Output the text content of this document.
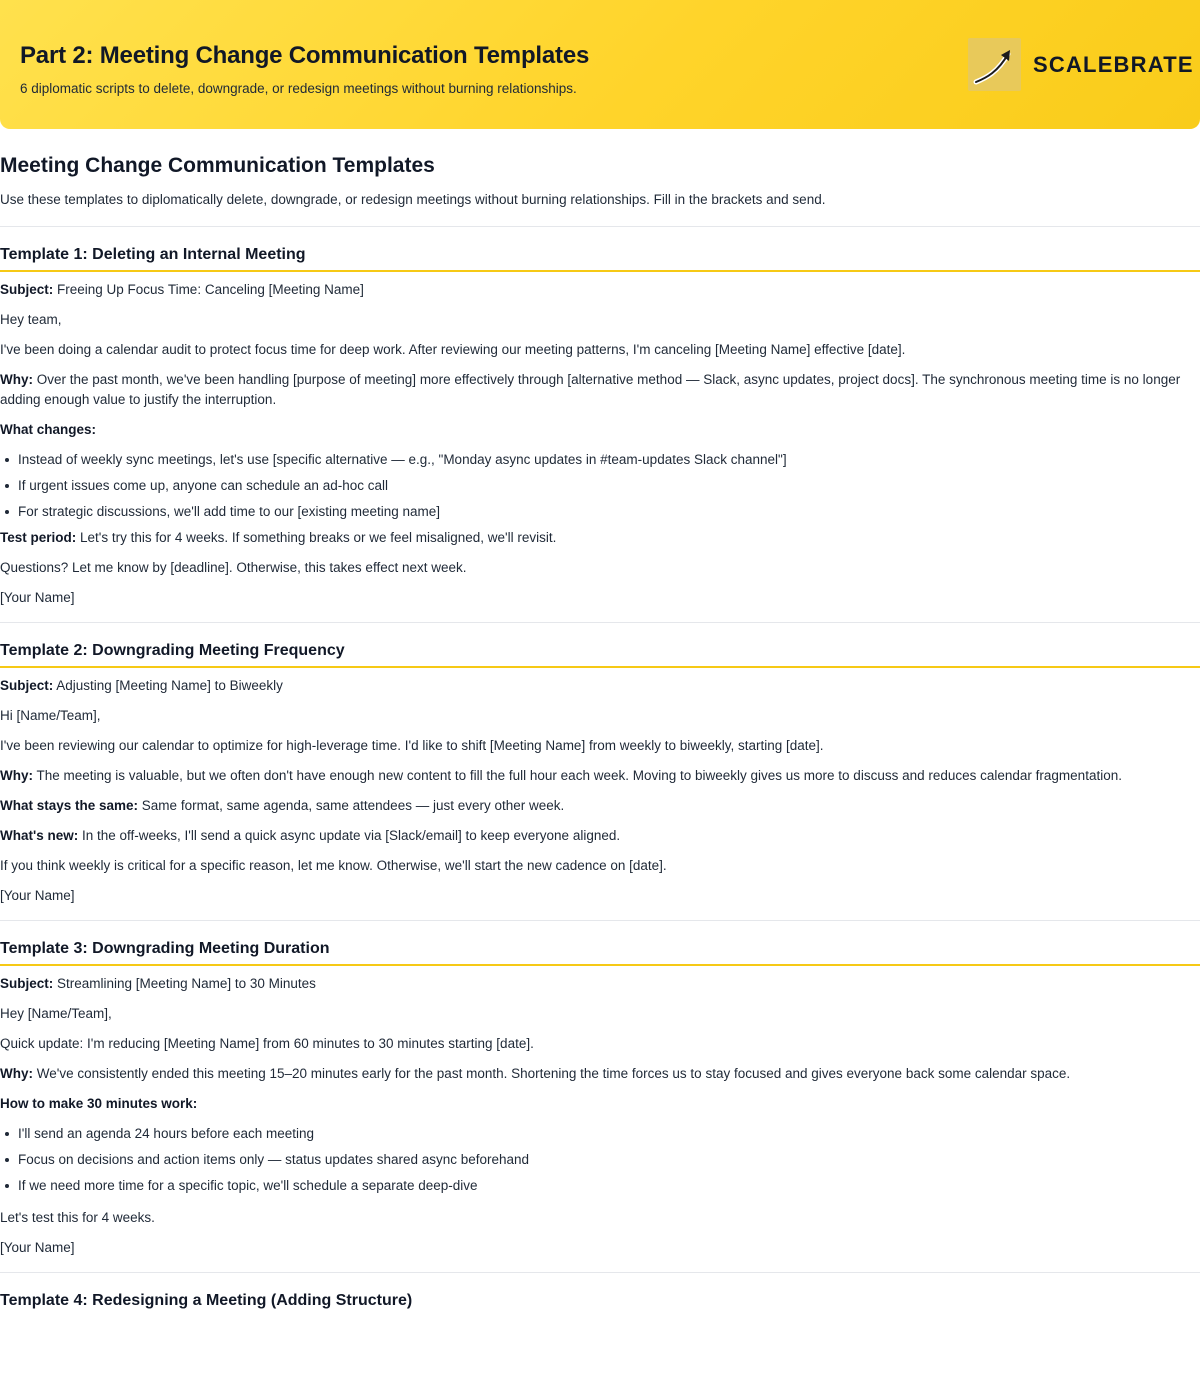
Part 2: Meeting Change Communication Templates
6 diplomatic scripts to delete, downgrade, or redesign meetings without burning relationships.
SCALEBRATE
Meeting Change Communication Templates

Use these templates to diplomatically delete, downgrade, or redesign meetings without burning relationships. Fill in the brackets and send.

Template 1: Deleting an Internal Meeting

Subject: Freeing Up Focus Time: Canceling [Meeting Name]

Hey team,

I've been doing a calendar audit to protect focus time for deep work. After reviewing our meeting patterns, I'm canceling [Meeting Name] effective [date].

Why: Over the past month, we've been handling [purpose of meeting] more effectively through [alternative method — Slack, async updates, project docs]. The synchronous meeting time is no longer adding enough value to justify the interruption.

What changes:

Instead of weekly sync meetings, let's use [specific alternative — e.g., "Monday async updates in #team-updates Slack channel"]
If urgent issues come up, anyone can schedule an ad-hoc call
For strategic discussions, we'll add time to our [existing meeting name]

Test period: Let's try this for 4 weeks. If something breaks or we feel misaligned, we'll revisit.

Questions? Let me know by [deadline]. Otherwise, this takes effect next week.

[Your Name]

Template 2: Downgrading Meeting Frequency

Subject: Adjusting [Meeting Name] to Biweekly

Hi [Name/Team],

I've been reviewing our calendar to optimize for high-leverage time. I'd like to shift [Meeting Name] from weekly to biweekly, starting [date].

Why: The meeting is valuable, but we often don't have enough new content to fill the full hour each week. Moving to biweekly gives us more to discuss and reduces calendar fragmentation.

What stays the same: Same format, same agenda, same attendees — just every other week.

What's new: In the off-weeks, I'll send a quick async update via [Slack/email] to keep everyone aligned.

If you think weekly is critical for a specific reason, let me know. Otherwise, we'll start the new cadence on [date].

[Your Name]

Template 3: Downgrading Meeting Duration

Subject: Streamlining [Meeting Name] to 30 Minutes

Hey [Name/Team],

Quick update: I'm reducing [Meeting Name] from 60 minutes to 30 minutes starting [date].

Why: We've consistently ended this meeting 15–20 minutes early for the past month. Shortening the time forces us to stay focused and gives everyone back some calendar space.

How to make 30 minutes work:

I'll send an agenda 24 hours before each meeting
Focus on decisions and action items only — status updates shared async beforehand
If we need more time for a specific topic, we'll schedule a separate deep-dive

Let's test this for 4 weeks.

[Your Name]

Template 4: Redesigning a Meeting (Adding Structure)
